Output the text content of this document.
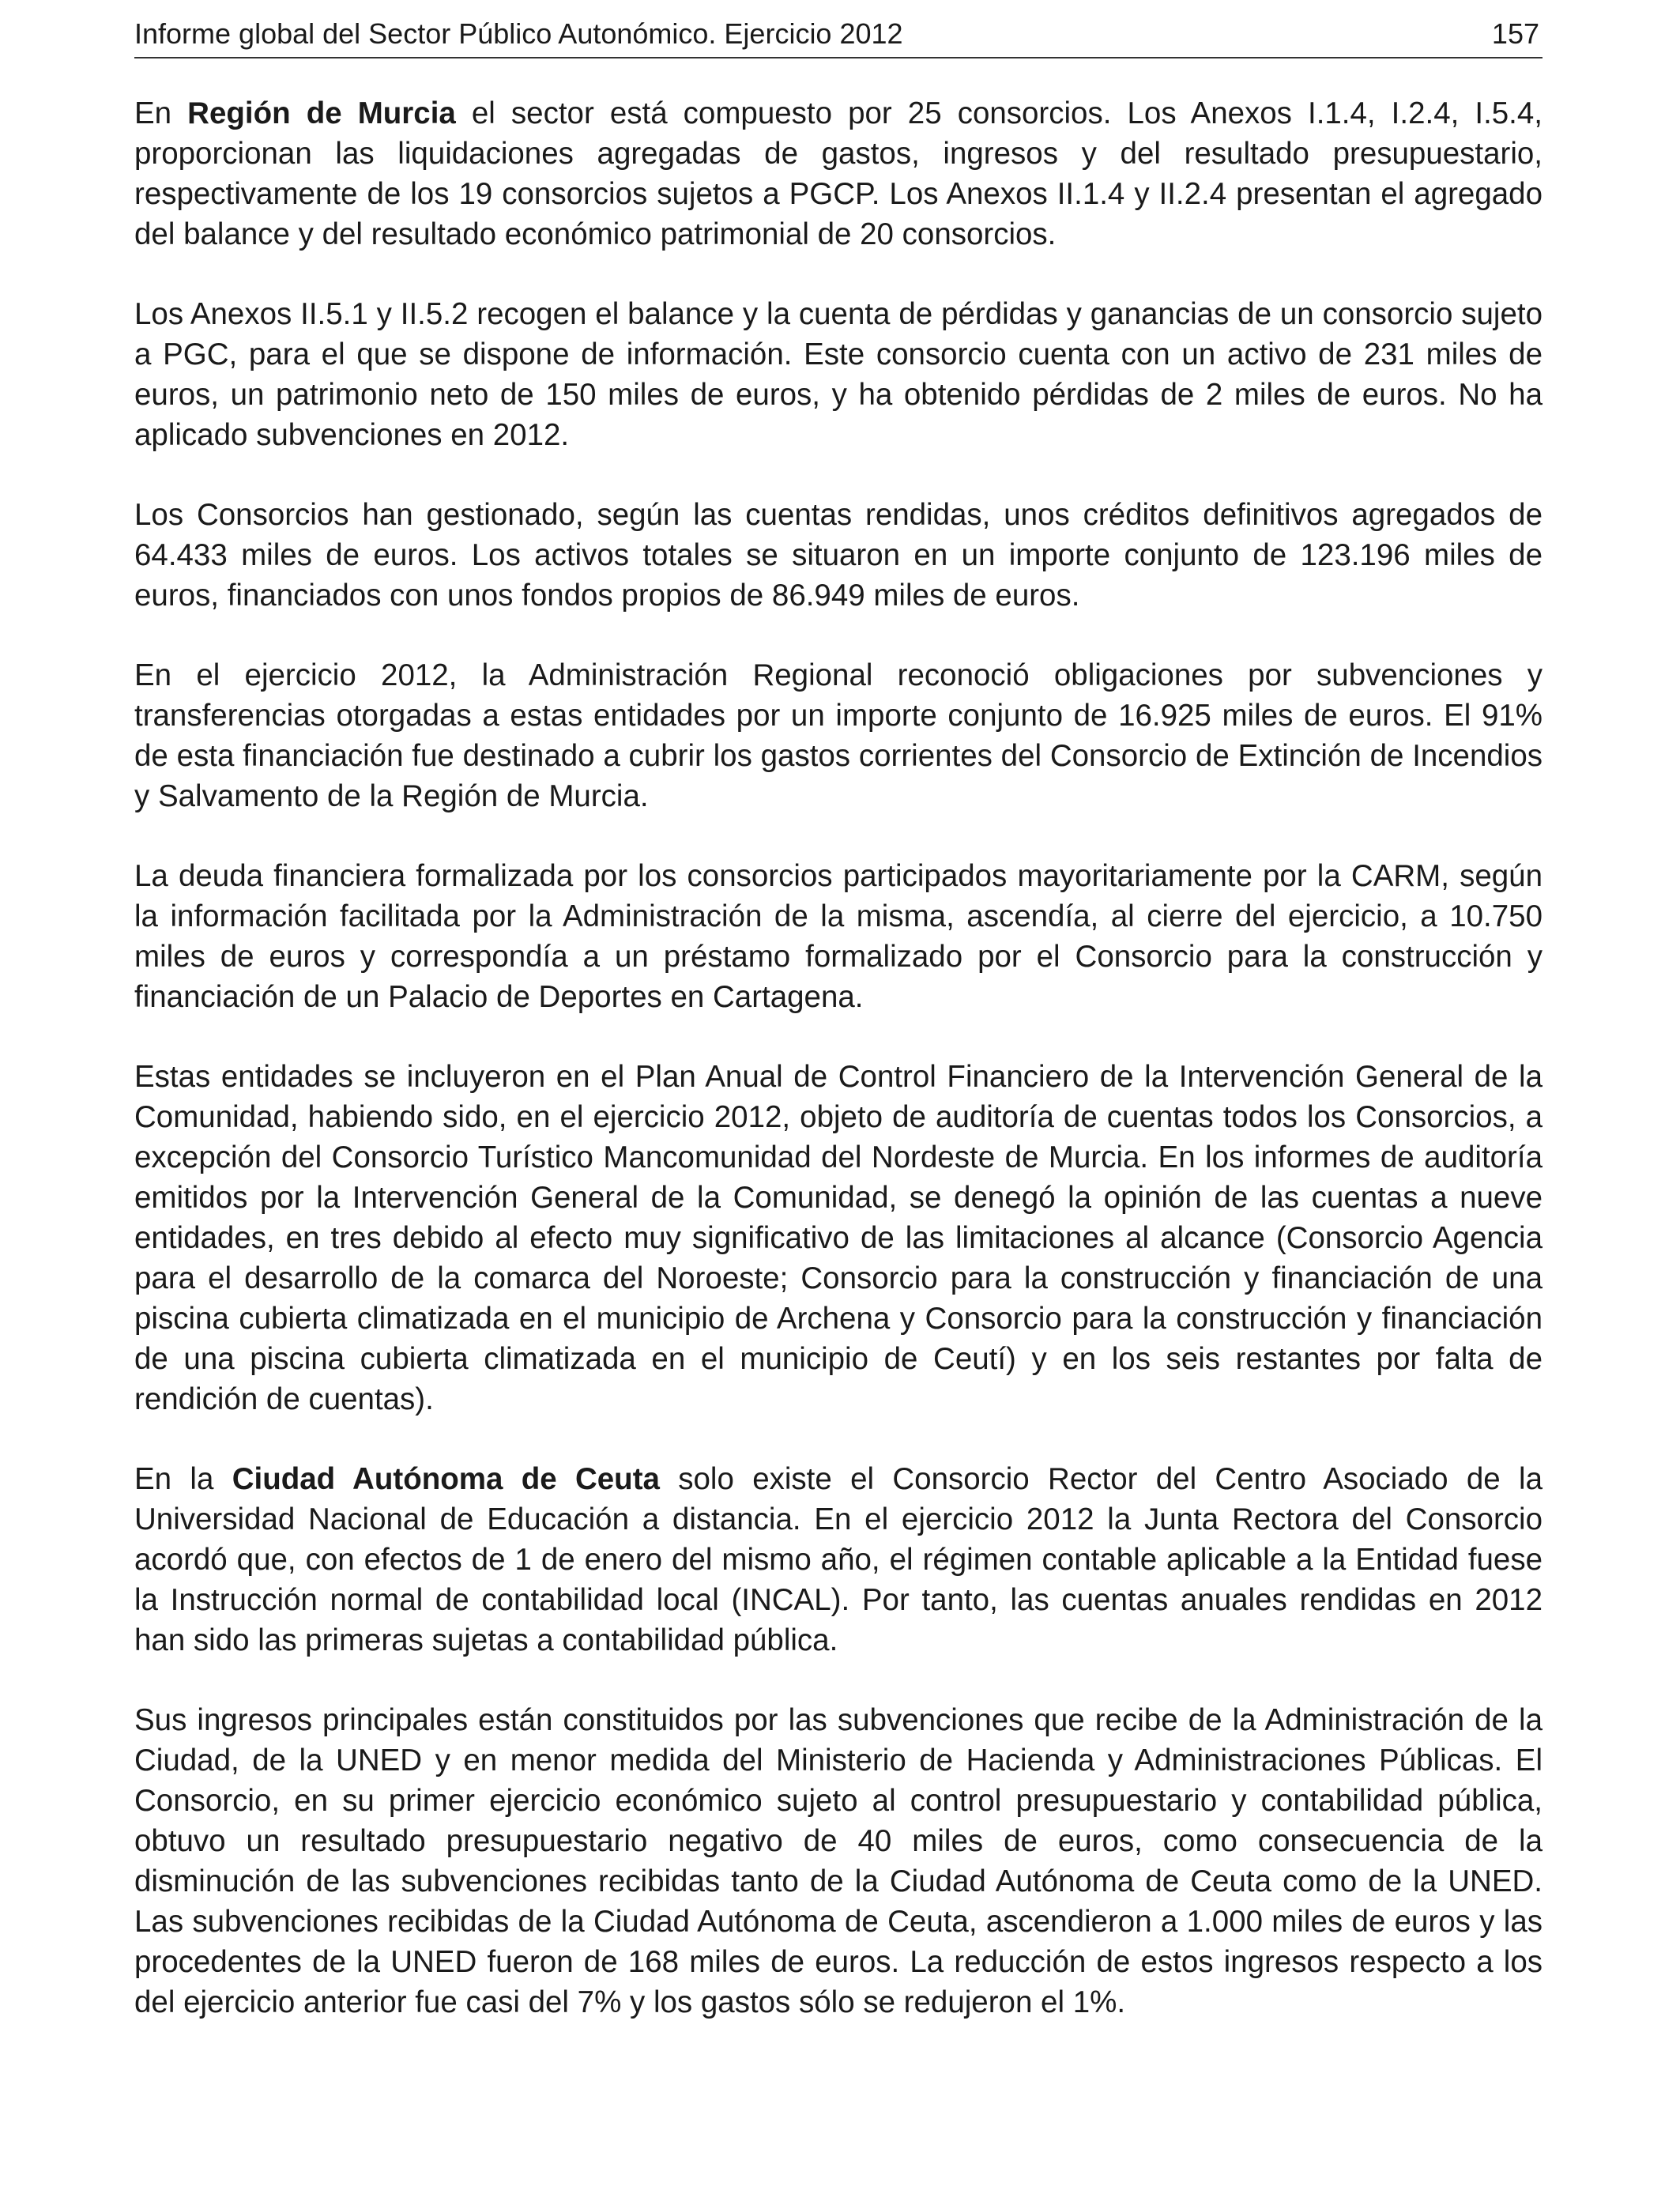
Informe global del Sector Público Autonómico. Ejercicio 2012	157

En Región de Murcia el sector está compuesto por 25 consorcios. Los Anexos I.1.4, I.2.4, I.5.4, proporcionan las liquidaciones agregadas de gastos, ingresos y del resultado presupuestario, respectivamente de los 19 consorcios sujetos a PGCP. Los Anexos II.1.4 y II.2.4 presentan el agregado del balance y del resultado económico patrimonial de 20 consorcios.

Los Anexos II.5.1 y II.5.2 recogen el balance y la cuenta de pérdidas y ganancias de un consorcio sujeto a PGC, para el que se dispone de información. Este consorcio cuenta con un activo de 231 miles de euros, un patrimonio neto de 150 miles de euros, y ha obtenido pérdidas de 2 miles de euros. No ha aplicado subvenciones en 2012.

Los Consorcios han gestionado, según las cuentas rendidas, unos créditos definitivos agregados de 64.433 miles de euros. Los activos totales se situaron en un importe conjunto de 123.196 miles de euros, financiados con unos fondos propios de 86.949 miles de euros.

En el ejercicio 2012, la Administración Regional reconoció obligaciones por subvenciones y transferencias otorgadas a estas entidades por un importe conjunto de 16.925 miles de euros. El 91% de esta financiación fue destinado a cubrir los gastos corrientes del Consorcio de Extinción de Incendios y Salvamento de la Región de Murcia.

La deuda financiera formalizada por los consorcios participados mayoritariamente por la CARM, según la información facilitada por la Administración de la misma, ascendía, al cierre del ejercicio, a 10.750 miles de euros y correspondía a un préstamo formalizado por el Consorcio para la construcción y financiación de un Palacio de Deportes en Cartagena.

Estas entidades se incluyeron en el Plan Anual de Control Financiero de la Intervención General de la Comunidad, habiendo sido, en el ejercicio 2012, objeto de auditoría de cuentas todos los Consorcios, a excepción del Consorcio Turístico Mancomunidad del Nordeste de Murcia. En los informes de auditoría emitidos por la Intervención General de la Comunidad, se denegó la opinión de las cuentas a nueve entidades, en tres debido al efecto muy significativo de las limitaciones al alcance (Consorcio Agencia para el desarrollo de la comarca del Noroeste; Consorcio para la construcción y financiación de una piscina cubierta climatizada en el municipio de Archena y Consorcio para la construcción y financiación de una piscina cubierta climatizada en el municipio de Ceutí) y en los seis restantes por falta de rendición de cuentas).

En la Ciudad Autónoma de Ceuta solo existe el Consorcio Rector del Centro Asociado de la Universidad Nacional de Educación a distancia. En el ejercicio 2012 la Junta Rectora del Consorcio acordó que, con efectos de 1 de enero del mismo año, el régimen contable aplicable a la Entidad fuese la Instrucción normal de contabilidad local (INCAL). Por tanto, las cuentas anuales rendidas en 2012 han sido las primeras sujetas a contabilidad pública.

Sus ingresos principales están constituidos por las subvenciones que recibe de la Administración de la Ciudad, de la UNED y en menor medida del Ministerio de Hacienda y Administraciones Públicas. El Consorcio, en su primer ejercicio económico sujeto al control presupuestario y contabilidad pública, obtuvo un resultado presupuestario negativo de 40 miles de euros, como consecuencia de la disminución de las subvenciones recibidas tanto de la Ciudad Autónoma de Ceuta como de la UNED. Las subvenciones recibidas de la Ciudad Autónoma de Ceuta, ascendieron a 1.000 miles de euros y las procedentes de la UNED fueron de 168 miles de euros. La reducción de estos ingresos respecto a los del ejercicio anterior fue casi del 7% y los gastos sólo se redujeron el 1%.
